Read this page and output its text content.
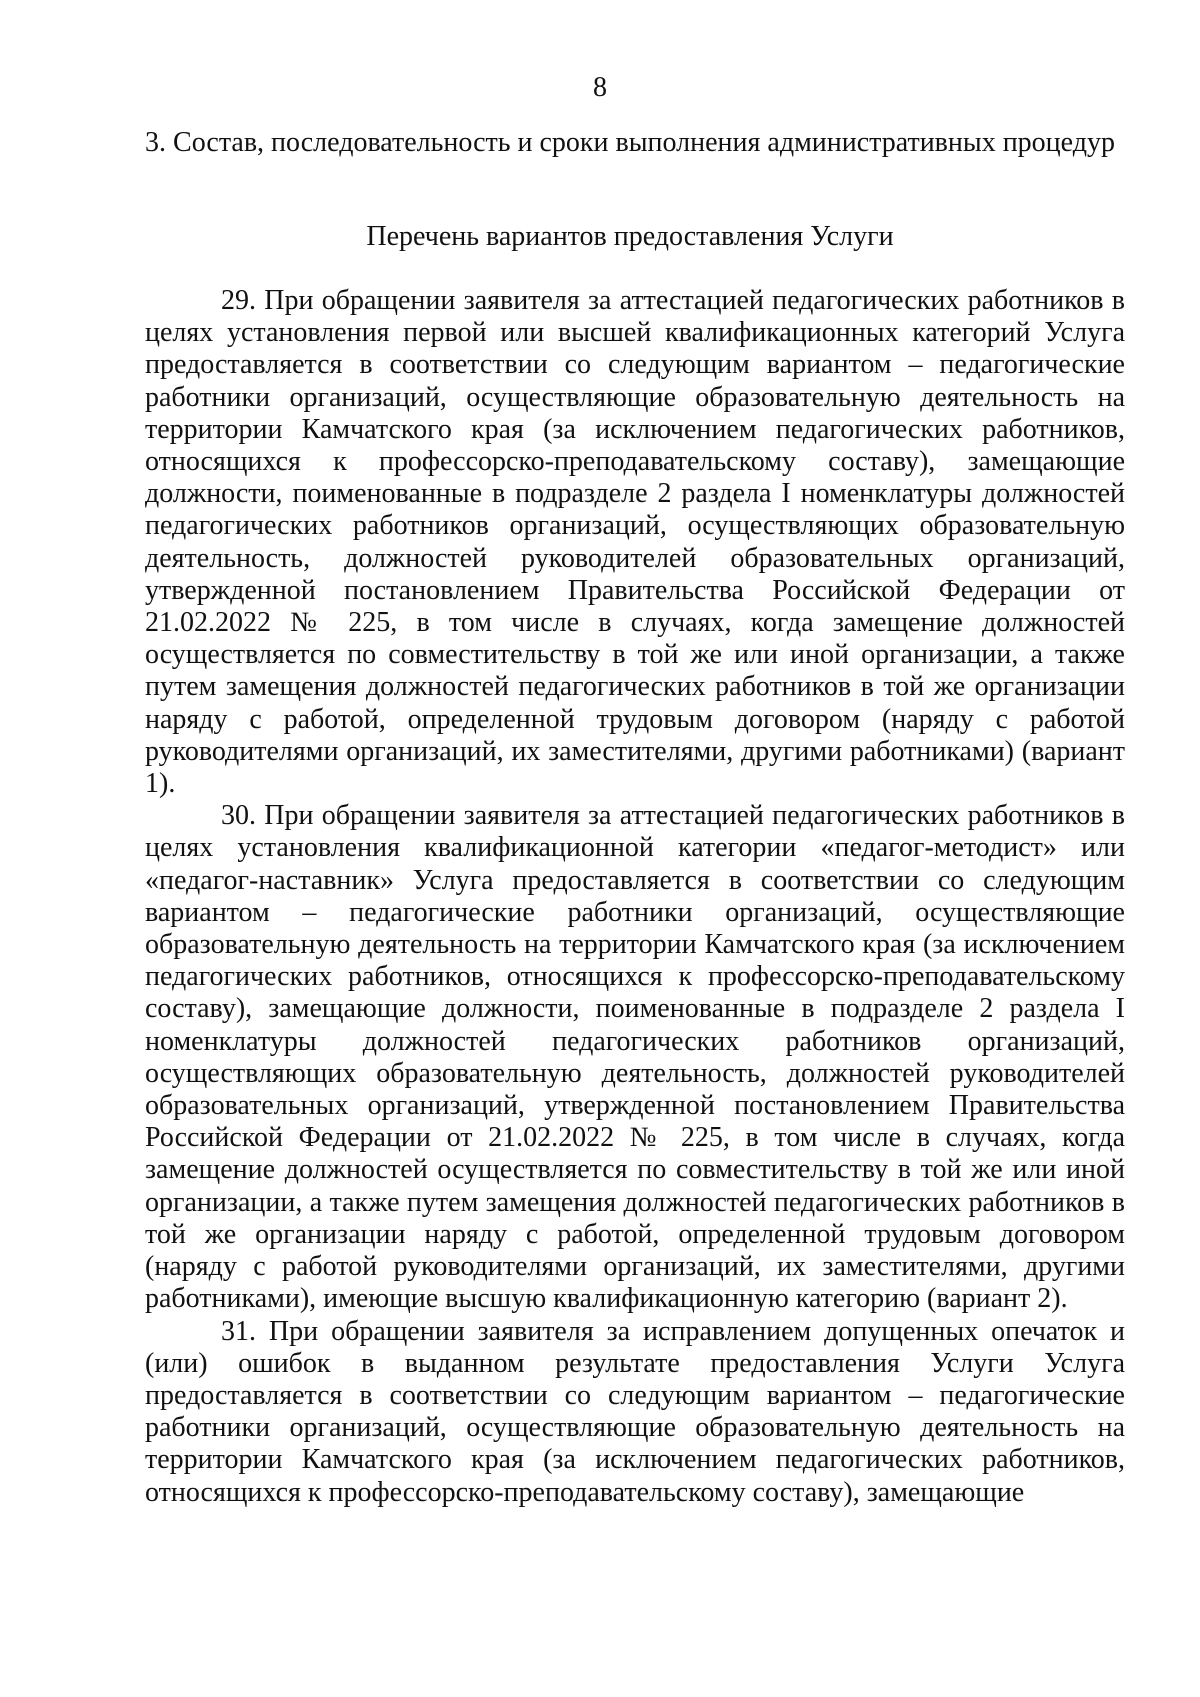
8
3. Состав, последовательность и сроки выполнения административных процедур
Перечень вариантов предоставления Услуги

29. При обращении заявителя за аттестацией педагогических работников в целях установления первой или высшей квалификационных категорий Услуга предоставляется в соответствии со следующим вариантом – педагогические работники организаций, осуществляющие образовательную деятельность на территории Камчатского края (за исключением педагогических работников, относящихся к профессорско-преподавательскому составу), замещающие должности, поименованные в подразделе 2 раздела I номенклатуры должностей педагогических работников организаций, осуществляющих образовательную деятельность, должностей руководителей образовательных организаций, утвержденной постановлением Правительства Российской Федерации от 21.02.2022 № 225, в том числе в случаях, когда замещение должностей осуществляется по совместительству в той же или иной организации, а также путем замещения должностей педагогических работников в той же организации наряду с работой, определенной трудовым договором (наряду с работой руководителями организаций, их заместителями, другими работниками) (вариант 1).

30. При обращении заявителя за аттестацией педагогических работников в целях установления квалификационной категории «педагог-методист» или «педагог-наставник» Услуга предоставляется в соответствии со следующим вариантом – педагогические работники организаций, осуществляющие образовательную деятельность на территории Камчатского края (за исключением педагогических работников, относящихся к профессорско-преподавательскому составу), замещающие должности, поименованные в подразделе 2 раздела I номенклатуры должностей педагогических работников организаций, осуществляющих образовательную деятельность, должностей руководителей образовательных организаций, утвержденной постановлением Правительства Российской Федерации от 21.02.2022 № 225, в том числе в случаях, когда замещение должностей осуществляется по совместительству в той же или иной организации, а также путем замещения должностей педагогических работников в той же организации наряду с работой, определенной трудовым договором (наряду с работой руководителями организаций, их заместителями, другими работниками), имеющие высшую квалификационную категорию (вариант 2).

31. При обращении заявителя за исправлением допущенных опечаток и (или) ошибок в выданном результате предоставления Услуги Услуга предоставляется в соответствии со следующим вариантом – педагогические работники организаций, осуществляющие образовательную деятельность на территории Камчатского края (за исключением педагогических работников, относящихся к профессорско-преподавательскому составу), замещающие
